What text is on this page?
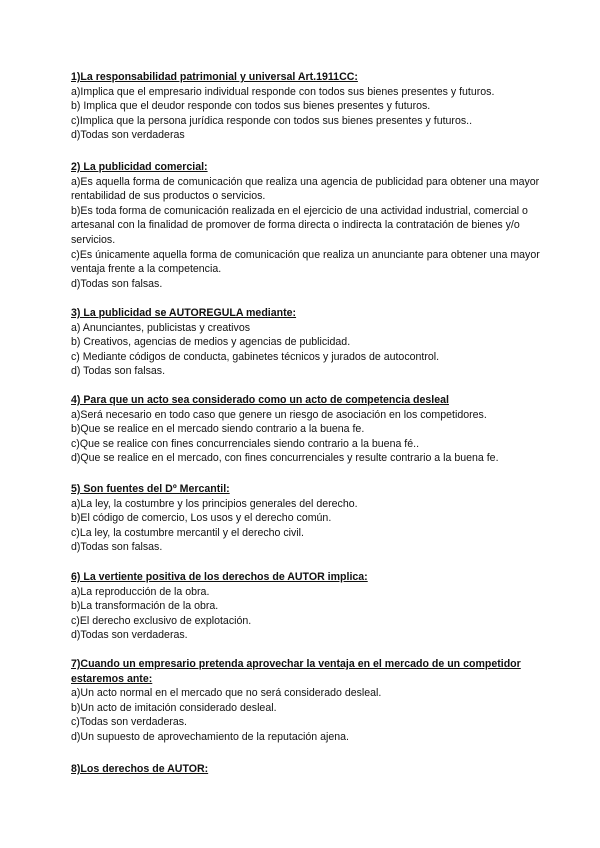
1)La responsabilidad patrimonial y universal Art.1911CC:

a)Implica que el empresario individual responde con todos sus bienes presentes y futuros.

b) Implica que el deudor responde con todos sus bienes presentes y futuros.

c)Implica que la persona jurídica responde con todos sus bienes presentes y futuros..

d)Todas son verdaderas

2) La publicidad comercial:

a)Es aquella forma de comunicación que realiza una agencia de publicidad para obtener una mayor rentabilidad de sus productos o servicios.

b)Es toda forma de comunicación realizada en el ejercicio de una actividad industrial, comercial o artesanal con la finalidad de promover de forma directa o indirecta la contratación de bienes y/o servicios.

c)Es únicamente aquella forma de comunicación que realiza un anunciante para obtener una mayor ventaja frente a la competencia.

d)Todas son falsas.

3) La publicidad se AUTOREGULA mediante:

a) Anunciantes, publicistas y creativos

b) Creativos, agencias de medios y agencias de publicidad.

c) Mediante códigos de conducta, gabinetes técnicos y jurados de autocontrol.

d) Todas son falsas.

4) Para que un acto sea considerado como un acto de competencia desleal

a)Será necesario en todo caso que genere un riesgo de asociación en los competidores.

b)Que se realice en el mercado siendo contrario a la buena fe.

c)Que se realice con fines concurrenciales siendo contrario a la buena fé..

d)Que se realice en el mercado, con fines concurrenciales y resulte contrario a la buena fe.

5) Son fuentes del Dº Mercantil:

a)La ley, la costumbre y los principios generales del derecho.

b)El código de comercio, Los usos y el derecho común.

c)La ley, la costumbre mercantil y el derecho civil.

d)Todas son falsas.

6) La vertiente positiva de los derechos de AUTOR implica:

a)La reproducción de la obra.

b)La transformación de la obra.

c)El derecho exclusivo de explotación.

d)Todas son verdaderas.

7)Cuando un empresario pretenda aprovechar la ventaja en el mercado de un competidor estaremos ante:

a)Un acto normal en el mercado que no será considerado desleal.

b)Un acto de imitación considerado desleal.

c)Todas son verdaderas.

d)Un supuesto de aprovechamiento de la reputación ajena.

8)Los derechos de AUTOR:
